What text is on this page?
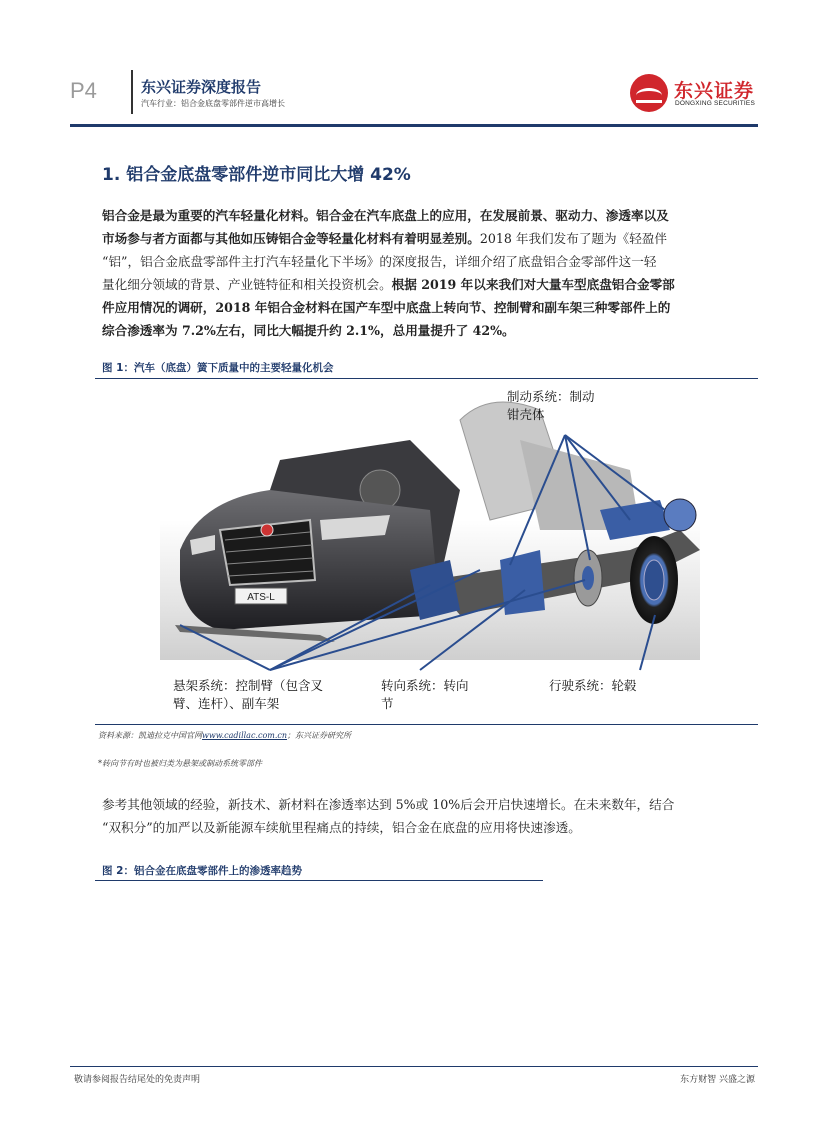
P4	东兴证券深度报告
汽车行业：铝合金底盘零部件逆市高增长
东兴证券
DONGXING SECURITIES
1. 铝合金底盘零部件逆市同比大增 42%
铝合金是最为重要的汽车轻量化材料。铝合金在汽车底盘上的应用，在发展前景、驱动力、渗透率以及
市场参与者方面都与其他如压铸铝合金等轻量化材料有着明显差别。2018 年我们发布了题为《轻盈伴
“铝”，铝合金底盘零部件主打汽车轻量化下半场》的深度报告，详细介绍了底盘铝合金零部件这一轻
量化细分领域的背景、产业链特征和相关投资机会。根据 2019 年以来我们对大量车型底盘铝合金零部
件应用情况的调研，2018 年铝合金材料在国产车型中底盘上转向节、控制臂和副车架三种零部件上的
综合渗透率为 7.2%左右，同比大幅提升约 2.1%，总用量提升了 42%。
图 1：汽车（底盘）簧下质量中的主要轻量化机会
ATS-L
制动系统：制动
钳壳体
悬架系统：控制臂（包含叉
臂、连杆）、副车架
转向系统：转向
节
行驶系统：轮毂
资料来源：凯迪拉克中国官网www.cadillac.com.cn；东兴证券研究所
*转向节有时也被归类为悬架或制动系统零部件
参考其他领域的经验，新技术、新材料在渗透率达到 5%或 10%后会开启快速增长。在未来数年，结合
“双积分”的加严以及新能源车续航里程痛点的持续，铝合金在底盘的应用将快速渗透。
图 2：铝合金在底盘零部件上的渗透率趋势
敬请参阅报告结尾处的免责声明	东方财智 兴盛之源
